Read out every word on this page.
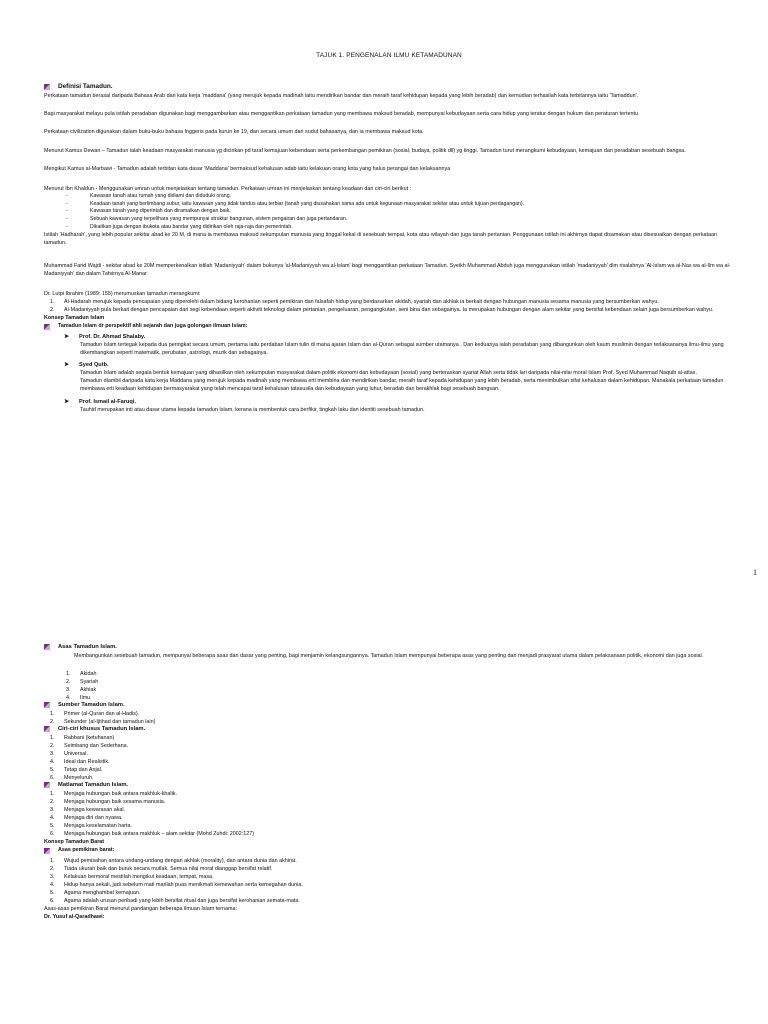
TAJUK 1. PENGENALAN ILMU KETAMADUNAN
Definisi Tamadun.

Perkataan tamadun berasal daripada Bahasa Arab dari kata kerja 'maddana' (yang merujuk kepada madinah iaitu mendirikan bandar dan meraih taraf kehidupan kepada yang lebih beradab) dan kemudian terhasilah kata terbitannya iaitu 'Tamaddun'.

Bagi masyarakat melayu pula istilah peradaban digunakan bagi menggambarkan atau menggantikan perkataan tamadun yang membawa maksud beradab, mempunyai kebudayaan serta cara hidup yang teratur dengan hukum dan peraturan tertentu.

Perkataan civilization digunakan dalam buku-buku bahasa Inggeris pada kurun ke 19, dan secara umum dari sudut bahasanya, dan ia membawa maksud kota.

Menurut Kamus Dewan – Tamadun ialah keadaan masyarakat manusia yg dicirikan pd taraf kemajuan kebendaan serta perkembangan pemikiran (sosial, budaya, politik dll) yg tinggi. Tamadun turut merangkumi kebudayaan, kemajuan dan peradaban sesebuah bangsa.

Mengikut Kamus al-Marbawi - Tamadun adalah terbitan kata dasar 'Maddana' bermaksud kehalusan adab iaitu kelakuan orang kota yang halus perangai dan kelakuannya

Menurut Ibn Khaldun - Menggunakan umran untuk menjelaskan tentang tamadun. Perkataan umran ini menjelaskan tentang keadaan dan ciri-ciri berikut :

- Kawasan tanah atau rumah yang didiami dan diduduki orang.
- Keadaan tanah yang berlimbang subur, iaitu kawasan yang tidak tandus atau terbiar (tanah yang diusahakan sama ada untuk kegunaan masyarakat sekitar atau untuk tujuan perdagangan).
- Kawasan tanah yang diperintah dan diramaikan dengan baik.
- Sebuah kawasan yang terpelihara yang mempunyai struktur bangunan, sistem pengairan dan juga pertandaran.
- Dikaitkan juga dengan ibukota atau bandar yang didirikan oleh raja-raja dan pemerintah.

Istilah 'Hadharah', yang lebih popular sekitar abad ke 20 M, di mana ia membawa maksud sekumpulan manusia yang tinggal kekal di sesebuah tempat, kota atau wilayah dan juga tanah pertanian. Penggunaan istilah ini akhirnya dapat disamakan atau disesuaikan dengan perkataan tamadun.

Muhammad Farid Wajdi - sekitar abad ke 20M memperkenalkan istilah 'Madaniyyah' dalam bukunya 'al-Madaniyyah wa al-Islam' bagi menggantikan perkataan Tamadun. Syeikh Muhammad Abduh juga menggunakan istilah 'madaniyyah' dlm risalahnya 'Al-Islam wa al-Nas wa al-Ilm wa al-Madaniyyah' dan dalam Tafsirnya Al-Manar

Dr. Lutpi Ibrahim (1989: 155) merumuskan tamadun merangkumi:

1. Al-Hadarah merujuk kepada pencapaian yang diperolehi dalam bidang kerohanian seperti pemikiran dan falsafah hidup yang berdasarkan akidah, syariah dan akhlak ia berkait dengan hubungan manusia sesama manusia yang bersumberkan wahyu.
2. Al-Madaniyyah pula berkait dengan pencapaian dari segi kebendaan seperti aktiviti teknologi dalam pertanian, pengeluaran, pengangkutan, seni bina dan sebagainya. Ia merupakan hubungan dengan alam sekitar yang bersifat kebendaan selain juga bersumberkan wahyu.

Konsep Tamadun Islam

Tamadun Islam dr perspektif ahli sejarah dan juga golongan ilmuan Islam:
➤ Prof. Dr. Ahmad Shalaby.

Tamadun Islam tertegak kepada dua peringkat secara umum, pertama iaitu perdaban Islam tulin di mana ajaran Islam dan al-Quran sebagai sumber utamanya . Dan keduanya ialah peradaban yang dibangunkan oleh kaum muslimin dengan terlaksananya ilmu-ilmu yang dikembangkan seperti matematik, perubatan, astrologi, muzik dan sebagainya.

➤ Syed Qutb.

Tamadun Islam adalah segala bentuk kemajuan yang dihasilkan oleh sekumpulan masyarakat dalam politik ekonomi dan kebudayaan (sosial) yang berteraskan syariat Allah serta tidak lari daripada nilai-nilai moral Islam Prof. Syed Muhammad Naquib al-attas.

Tamadun diambil daripada kata kerja Maddana yang merujuk kepada madinah yang membawa erti membina dan mendirikan bandar, meraih taraf kepada kehidupan yang lebih beradab, serta menimbulkan sifat kehalusan dalam kehidupan. Manakala perkataan tamadun membawa erti keadaan kehidupan bermasyarakat yang telah mencapai taraf kehalusan tatasusila dan kebudayaan yang luhur, beradab dan berakhlak bagi sesebuah bangsan.

➤ Prof. Ismail al-Faruqi.

Tauhid merupakan inti atau dasar utama kepada tamadun Islam, kerana ia membentuk cara berfikir, tingkah laku dan identiti sesebuah tamadun.

1
Asas Tamadun Islam.

Membangunkan sesebuah tamadun, mempunyai beberapa asas dan dasar yang penting, bagi menjamin kelangsungannya. Tamadun Islam mempunyai beberapa asas yang penting dan menjadi prasyarat utama dalam pelaksanaan politik, ekonomi dan juga sosial.

1. Akidah
2. Syariah
3. Akhlak
4. Ilmu
Sumber Tamadun Islam.
1. Primer (al-Quran dan al-Hadis).
2. Sekunder (al-Ijtihad dan tamadun lain)
Ciri-ciri khusus Tamadun Islam.
1. Rabbani (ketuhanan)
2. Seimbang dan Sederhana.
3. Universal.
4. Ideal dan Realistik.
5. Tetap dan Anjal.
6. Menyeluruh.
Matlamat Tamadun Islam.
1. Menjaga hubungan baik antara makhluk-khalik.
2. Menjaga hubungan baik sesama manusia.
3. Menjaga kewarasan akal.
4. Menjaga diri dan nyawa.
5. Menjaga keselamatan harta.
6. Menjaga hubungan baik antara makhluk – alam sekitar (Mohd Zuhdi: 2002:127)

Konsep Tamadun Barat

Asas pemikiran barat:
1. Wujud pemisahan antara undang-undang dengan akhlak (morality), dan antara dunia dan akhirat.
2. Tiada ukuran baik dan buruk secara mutlak. Semua nilai moral dianggap bersifat relatif.
3. Kelakuan bermoral mestilah mengikut keadaan, tempat, masa.
4. Hidup hanya sekali, jadi sebelum mati marilah puas menikmati kemewahan serta kemegahan dunia.
5. Agama menghambat kemajuan.
6. Agama adalah urusan peribadi yang lebih bersifat ritual dan juga bersifat kerohanian semata-mata.

Asas-asas pemikiran Barat menurut pandangan beberapa ilmuan Islam ternama:

Dr. Yusuf al-Qaradhawi:
